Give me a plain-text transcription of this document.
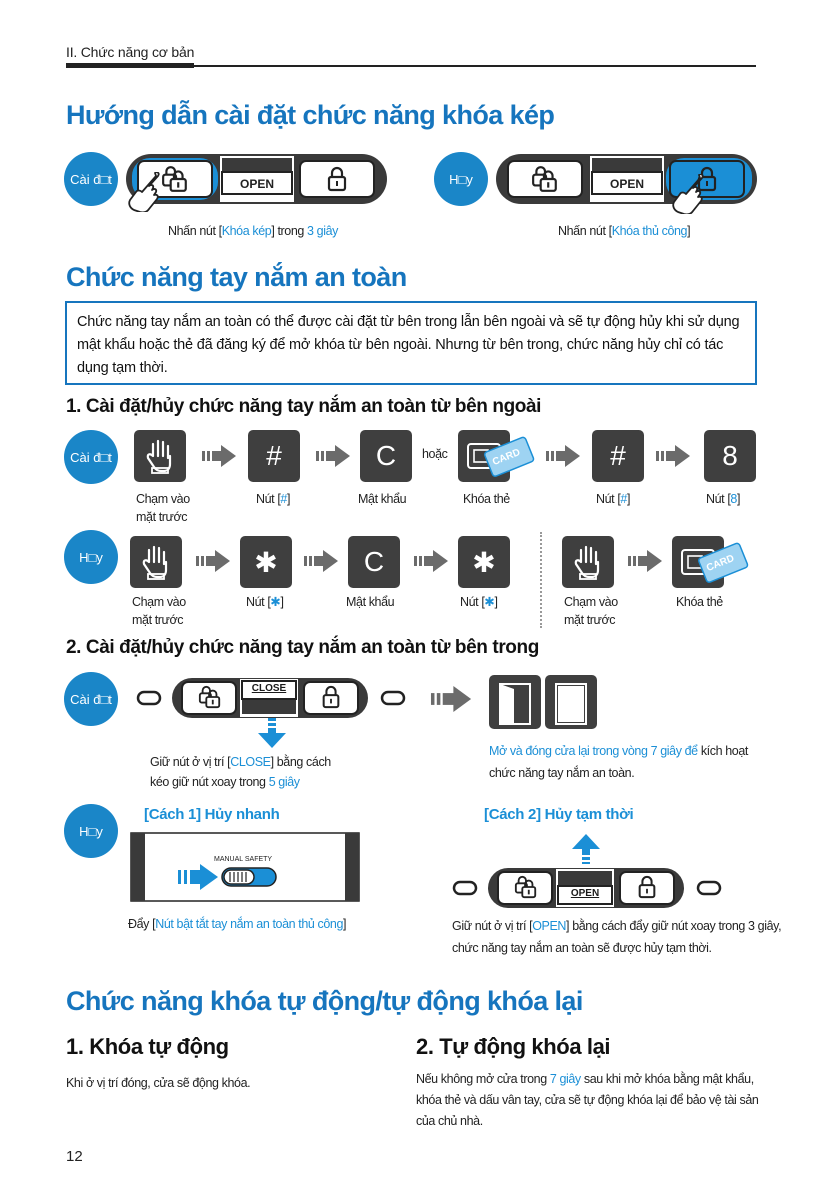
II. Chức năng cơ bản
Hướng dẫn cài đặt chức năng khóa kép
Cài đ□t	OPEN
Nhấn nút [Khóa kép] trong 3 giây
H□y	OPEN
Nhấn nút [Khóa thủ công]
Chức năng tay nắm an toàn
Chức năng tay nắm an toàn có thể được cài đặt từ bên trong lẫn bên ngoài và sẽ tự động hủy khi sử dụng mật khẩu hoặc thẻ đã đăng ký để mở khóa từ bên ngoài. Nhưng từ bên trong, chức năng hủy chỉ có tác dụng tạm thời.
1. Cài đặt/hủy chức năng tay nắm an toàn từ bên ngoài
Cài đ□t	#	C	hoặc	CARD	#	8
Chạm vào
mặt trước
Nút [#]	Mật khẩu	Khóa thẻ	Nút [#]	Nút [8]
H□y	✱	C	✱	CARD
Chạm vào
mặt trước
Nút [✱]	Mật khẩu	Nút [✱]	Chạm vào
mặt trước
Khóa thẻ
2. Cài đặt/hủy chức năng tay nắm an toàn từ bên trong
Cài đ□t
CLOSE
Giữ nút ở vị trí [CLOSE] bằng cách
kéo giữ nút xoay trong 5 giây
Mở và đóng cửa lại trong vòng 7 giây để kích hoạt
chức năng tay nắm an toàn.
H□y
[Cách 1] Hủy nhanh	[Cách 2] Hủy tạm thời
MANUAL SAFETY
Đẩy [Nút bật tắt tay nắm an toàn thủ công]
OPEN
Giữ nút ở vị trí [OPEN] bằng cách đẩy giữ nút xoay trong 3 giây,
chức năng tay nắm an toàn sẽ được hủy tạm thời.
Chức năng khóa tự động/tự động khóa lại
1. Khóa tự động
Khi ở vị trí đóng, cửa sẽ động khóa.
2. Tự động khóa lại
Nếu không mở cửa trong 7 giây sau khi mở khóa bằng mật khẩu,
khóa thẻ và dấu vân tay, cửa sẽ tự động khóa lại để bảo vệ tài sản
của chủ nhà.
12
